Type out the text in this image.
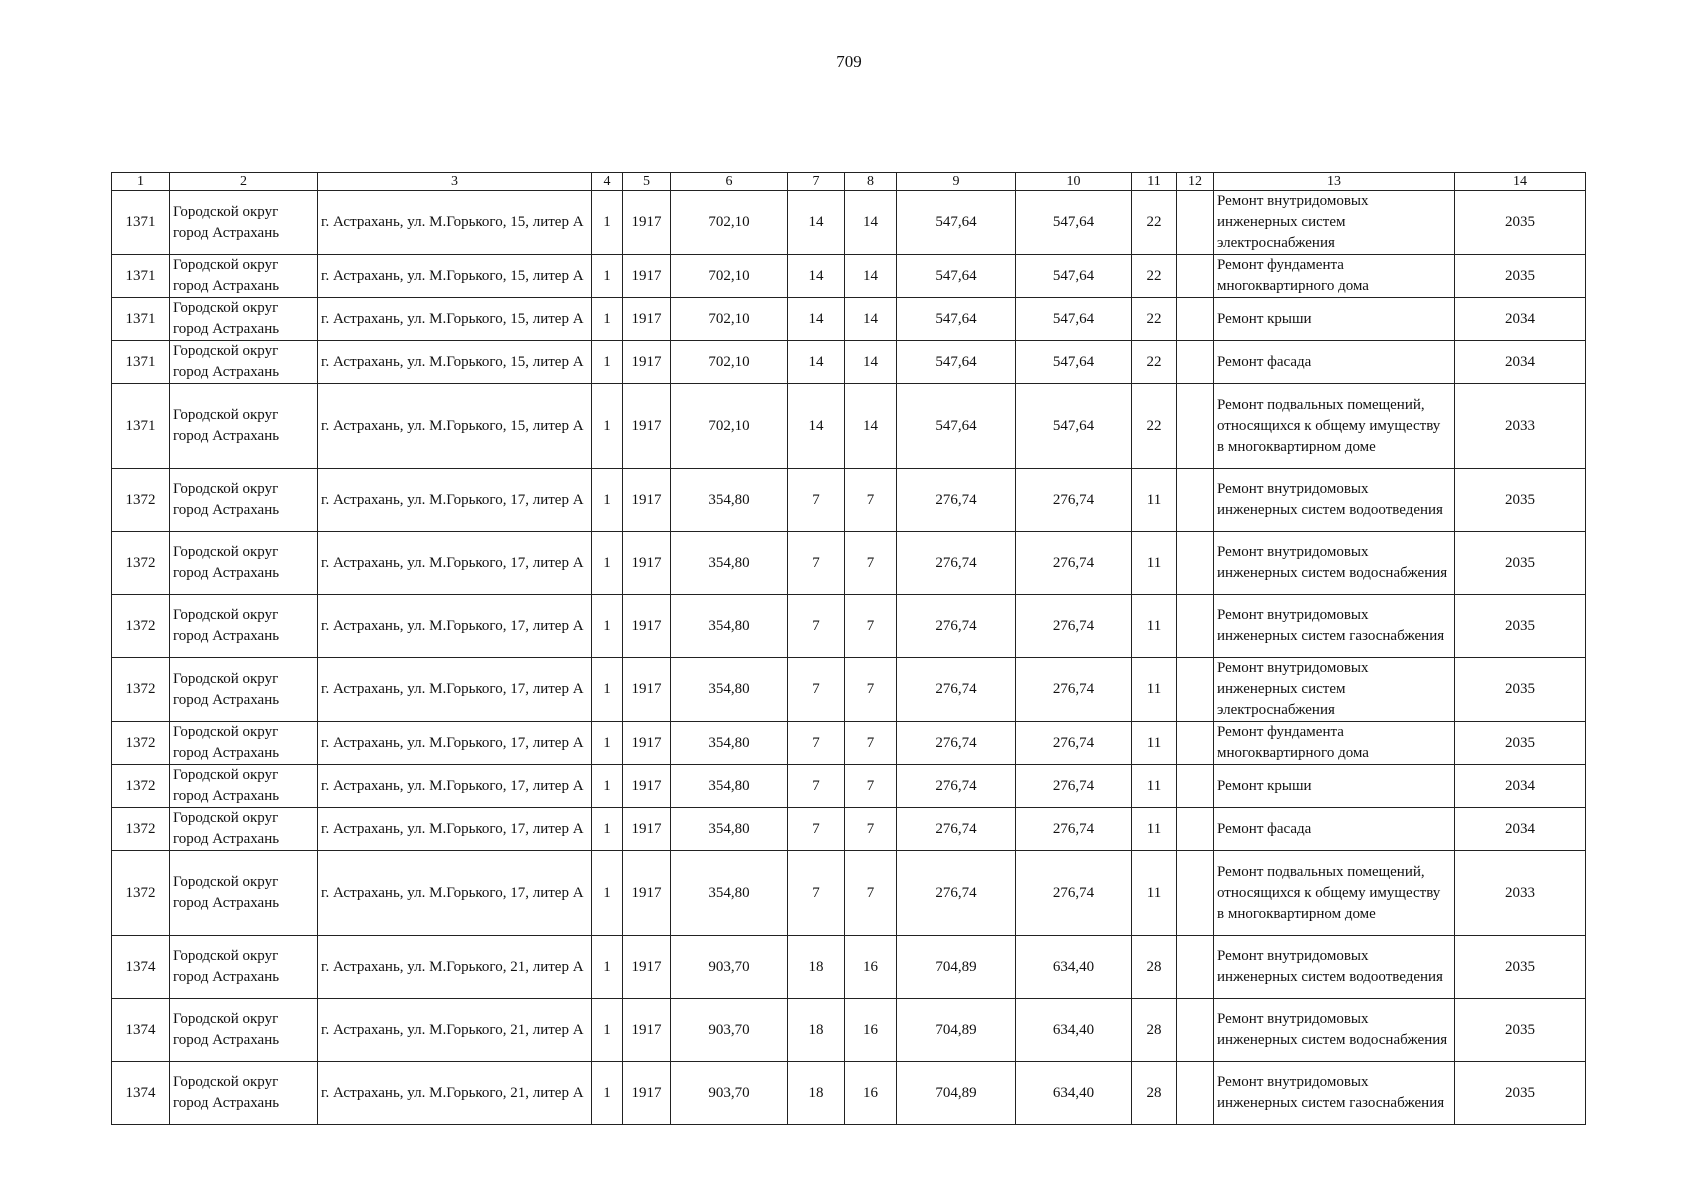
709
1	2	3	4	5	6	7	8	9	10	11	12	13	14
1371	Городской округ город Астрахань	г. Астрахань, ул. М.Горького, 15, литер А	1	1917	702,10	14	14	547,64	547,64	22		Ремонт внутридомовых инженерных систем электроснабжения	2035
1371	Городской округ город Астрахань	г. Астрахань, ул. М.Горького, 15, литер А	1	1917	702,10	14	14	547,64	547,64	22		Ремонт фундамента многоквартирного дома	2035
1371	Городской округ город Астрахань	г. Астрахань, ул. М.Горького, 15, литер А	1	1917	702,10	14	14	547,64	547,64	22		Ремонт крыши	2034
1371	Городской округ город Астрахань	г. Астрахань, ул. М.Горького, 15, литер А	1	1917	702,10	14	14	547,64	547,64	22		Ремонт фасада	2034
1371	Городской округ город Астрахань	г. Астрахань, ул. М.Горького, 15, литер А	1	1917	702,10	14	14	547,64	547,64	22		Ремонт подвальных помещений, относящихся к общему имуществу в многоквартирном доме	2033
1372	Городской округ город Астрахань	г. Астрахань, ул. М.Горького, 17, литер А	1	1917	354,80	7	7	276,74	276,74	11		Ремонт внутридомовых инженерных систем водоотведения	2035
1372	Городской округ город Астрахань	г. Астрахань, ул. М.Горького, 17, литер А	1	1917	354,80	7	7	276,74	276,74	11		Ремонт внутридомовых инженерных систем водоснабжения	2035
1372	Городской округ город Астрахань	г. Астрахань, ул. М.Горького, 17, литер А	1	1917	354,80	7	7	276,74	276,74	11		Ремонт внутридомовых инженерных систем газоснабжения	2035
1372	Городской округ город Астрахань	г. Астрахань, ул. М.Горького, 17, литер А	1	1917	354,80	7	7	276,74	276,74	11		Ремонт внутридомовых инженерных систем электроснабжения	2035
1372	Городской округ город Астрахань	г. Астрахань, ул. М.Горького, 17, литер А	1	1917	354,80	7	7	276,74	276,74	11		Ремонт фундамента многоквартирного дома	2035
1372	Городской округ город Астрахань	г. Астрахань, ул. М.Горького, 17, литер А	1	1917	354,80	7	7	276,74	276,74	11		Ремонт крыши	2034
1372	Городской округ город Астрахань	г. Астрахань, ул. М.Горького, 17, литер А	1	1917	354,80	7	7	276,74	276,74	11		Ремонт фасада	2034
1372	Городской округ город Астрахань	г. Астрахань, ул. М.Горького, 17, литер А	1	1917	354,80	7	7	276,74	276,74	11		Ремонт подвальных помещений, относящихся к общему имуществу в многоквартирном доме	2033
1374	Городской округ город Астрахань	г. Астрахань, ул. М.Горького, 21, литер А	1	1917	903,70	18	16	704,89	634,40	28		Ремонт внутридомовых инженерных систем водоотведения	2035
1374	Городской округ город Астрахань	г. Астрахань, ул. М.Горького, 21, литер А	1	1917	903,70	18	16	704,89	634,40	28		Ремонт внутридомовых инженерных систем водоснабжения	2035
1374	Городской округ город Астрахань	г. Астрахань, ул. М.Горького, 21, литер А	1	1917	903,70	18	16	704,89	634,40	28		Ремонт внутридомовых инженерных систем газоснабжения	2035
